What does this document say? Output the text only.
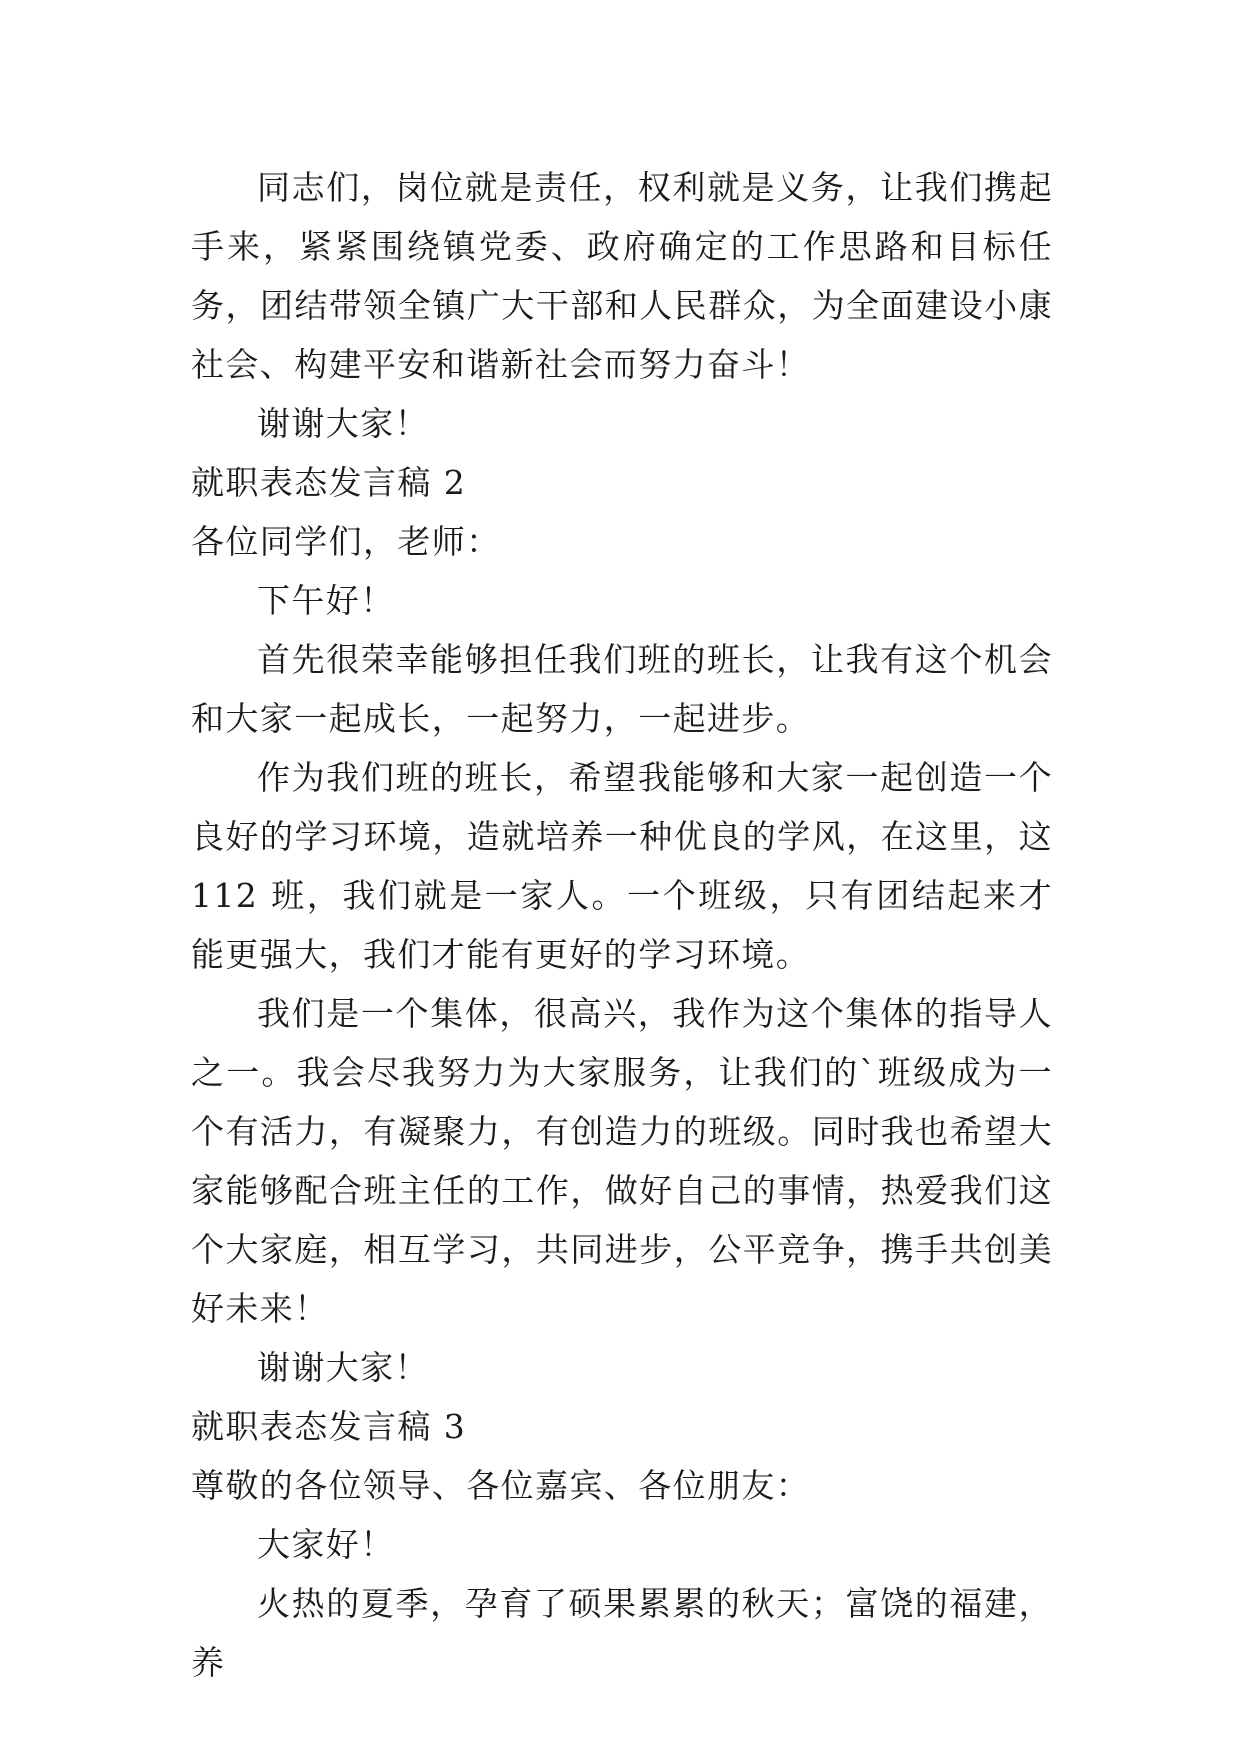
同志们，岗位就是责任，权利就是义务，让我们携起手来，紧紧围绕镇党委、政府确定的工作思路和目标任务，团结带领全镇广大干部和人民群众，为全面建设小康社会、构建平安和谐新社会而努力奋斗！

谢谢大家！

就职表态发言稿 2

各位同学们，老师：

下午好！

首先很荣幸能够担任我们班的班长，让我有这个机会和大家一起成长，一起努力，一起进步。

作为我们班的班长，希望我能够和大家一起创造一个良好的学习环境，造就培养一种优良的学风，在这里，这 112 班，我们就是一家人。一个班级，只有团结起来才能更强大，我们才能有更好的学习环境。

我们是一个集体，很高兴，我作为这个集体的指导人之一。我会尽我努力为大家服务，让我们的`班级成为一个有活力，有凝聚力，有创造力的班级。同时我也希望大家能够配合班主任的工作，做好自己的事情，热爱我们这个大家庭，相互学习，共同进步，公平竞争，携手共创美好未来！

谢谢大家！

就职表态发言稿 3

尊敬的各位领导、各位嘉宾、各位朋友：

大家好！

火热的夏季，孕育了硕果累累的秋天；富饶的福建，养
